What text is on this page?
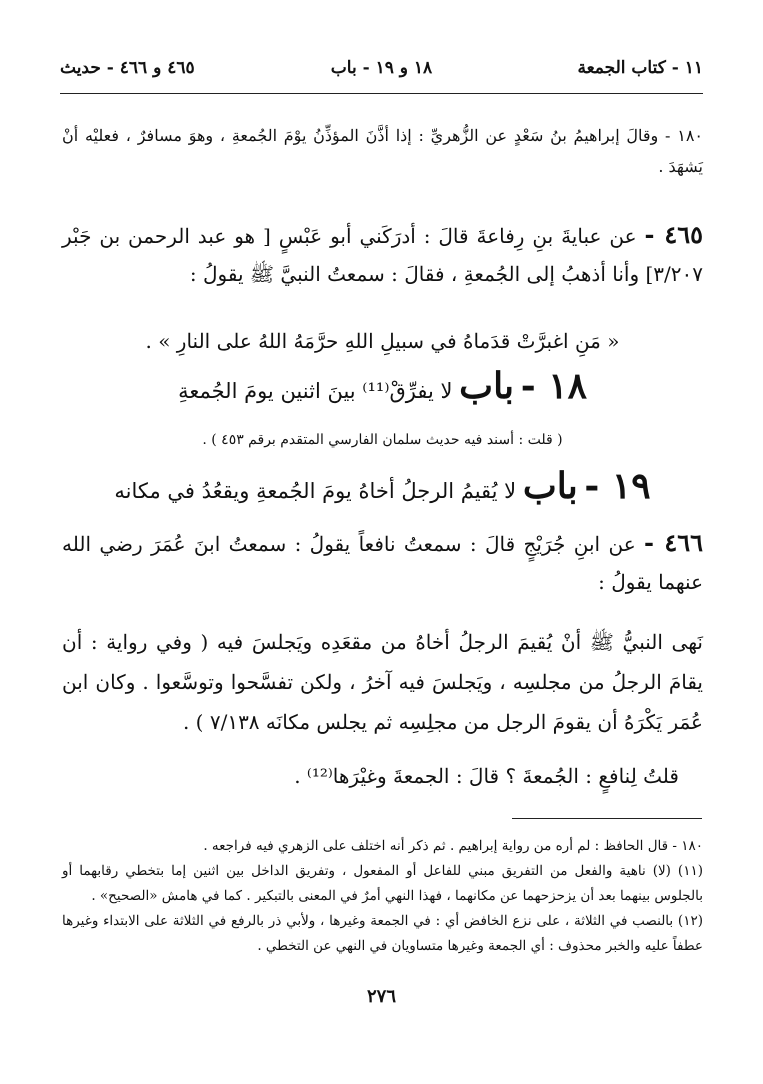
١١ - كتاب الجمعة
١٨ و ١٩ - باب
٤٦٥ و ٤٦٦ - حديث
١٨٠ - وقالَ إبراهيمُ بنُ سَعْدٍ عن الزُّهريِّ : إذا أذَّنَ المؤذِّنُ يوْمَ الجُمعةِ ، وهوَ مسافرٌ ، فعليْه أنْ يَشهَدَ .
٤٦٥ - عن عبايةَ بنِ رِفاعةَ قالَ : أدرَكَني أبو عَبْسٍ [ هو عبد الرحمن بن جَبْر ٣/٢٠٧] وأنا أذهبُ إلى الجُمعةِ ، فقالَ : سمعتُ النبيَّ ﷺ يقولُ :
« مَنِ اغبرَّتْ قدَماهُ في سبيلِ اللهِ حرَّمَهُ اللهُ على النارِ » .
١٨ - باب لا يفرِّقْ⁽¹¹⁾ بينَ اثنين يومَ الجُمعةِ
( قلت : أسند فيه حديث سلمان الفارسي المتقدم برقم ٤٥٣ ) .
١٩ - باب لا يُقيمُ الرجلُ أخاهُ يومَ الجُمعةِ ويقعُدُ في مكانه
٤٦٦ - عن ابنِ جُرَيْجٍ قالَ : سمعتُ نافعاً يقولُ : سمعتُ ابنَ عُمَرَ رضي الله عنهما يقولُ :
نَهى النبيُّ ﷺ أنْ يُقيمَ الرجلُ أخاهُ من مقعَدِه ويَجلسَ فيه ( وفي رواية : أن يقامَ الرجلُ من مجلسِه ، ويَجلسَ فيه آخرُ ، ولكن تفسَّحوا وتوسَّعوا . وكان ابن عُمَر يَكْرَهُ أن يقومَ الرجل من مجلِسِه ثم يجلس مكانَه ٧/١٣٨ ) .
قلتُ لِنافعٍ : الجُمعةَ ؟ قالَ : الجمعةَ وغيْرَها⁽¹²⁾ .
١٨٠ - قال الحافظ : لم أره من رواية إبراهيم . ثم ذكر أنه اختلف على الزهري فيه فراجعه .
(١١) (لا) ناهية والفعل من التفريق مبني للفاعل أو المفعول ، وتفريق الداخل بين اثنين إما بتخطي رقابهما أو بالجلوس بينهما بعد أن يزحزحهما عن مكانهما ، فهذا النهي أمرٌ في المعنى بالتبكير . كما في هامش «الصحيح» .
(١٢) بالنصب في الثلاثة ، على نزع الخافض أي : في الجمعة وغيرها ، ولأبي ذر بالرفع في الثلاثة على الابتداء وغيرها عطفاً عليه والخبر محذوف : أي الجمعة وغيرها متساويان في النهي عن التخطي .
٢٧٦
